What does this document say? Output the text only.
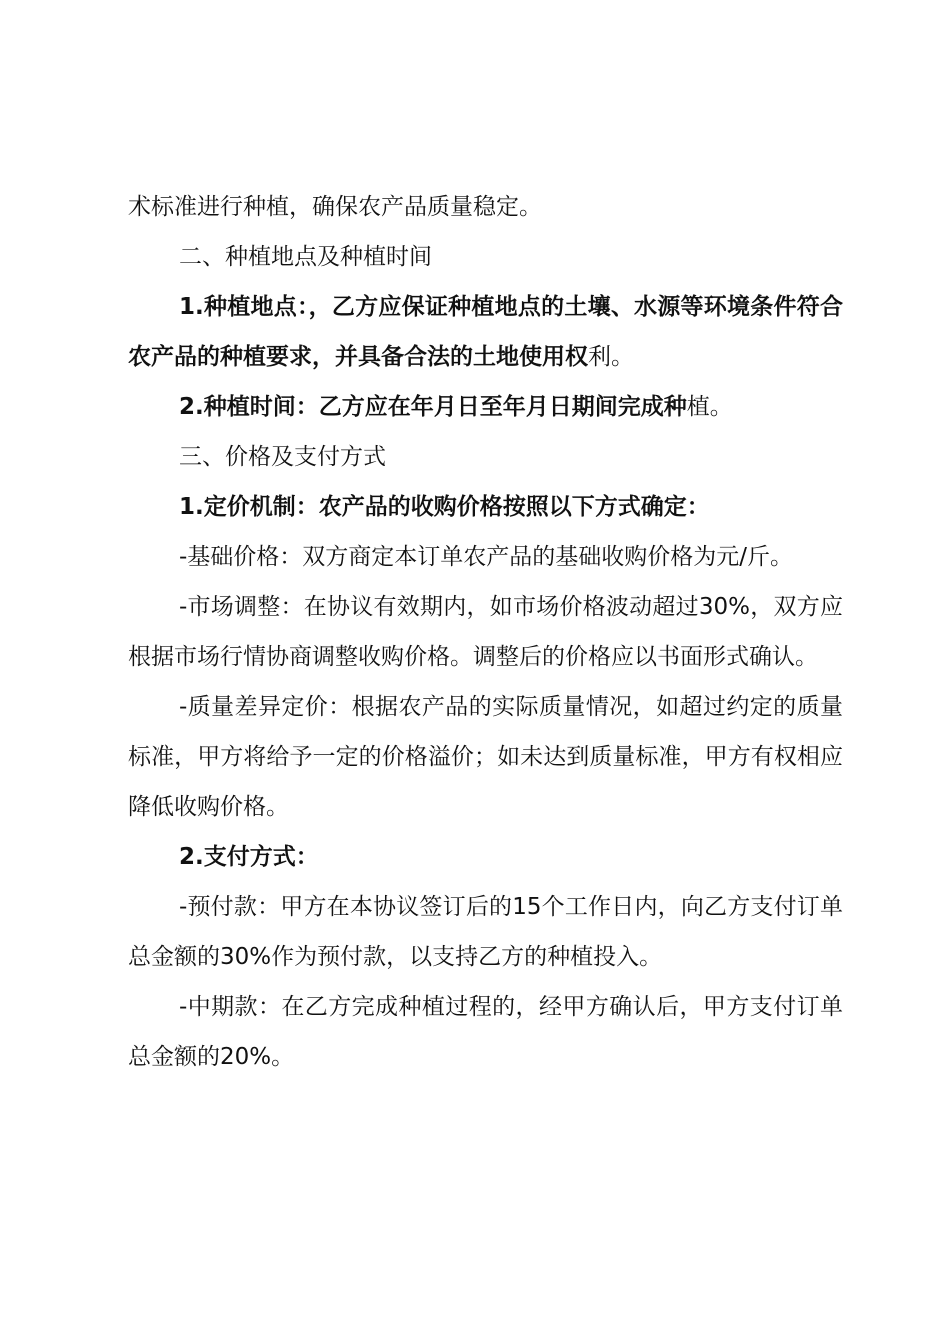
术标准进行种植，确保农产品质量稳定。

二、种植地点及种植时间

1.种植地点：，乙方应保证种植地点的土壤、水源等环境条件符合农产品的种植要求，并具备合法的土地使用权利。

2.种植时间：乙方应在年月日至年月日期间完成种植。

三、价格及支付方式

1.定价机制：农产品的收购价格按照以下方式确定：

-基础价格：双方商定本订单农产品的基础收购价格为元/斤。

-市场调整：在协议有效期内，如市场价格波动超过30%，双方应根据市场行情协商调整收购价格。调整后的价格应以书面形式确认。

-质量差异定价：根据农产品的实际质量情况，如超过约定的质量标准，甲方将给予一定的价格溢价；如未达到质量标准，甲方有权相应降低收购价格。

2.支付方式：

-预付款：甲方在本协议签订后的15个工作日内，向乙方支付订单总金额的30%作为预付款，以支持乙方的种植投入。

-中期款：在乙方完成种植过程的，经甲方确认后，甲方支付订单总金额的20%。
